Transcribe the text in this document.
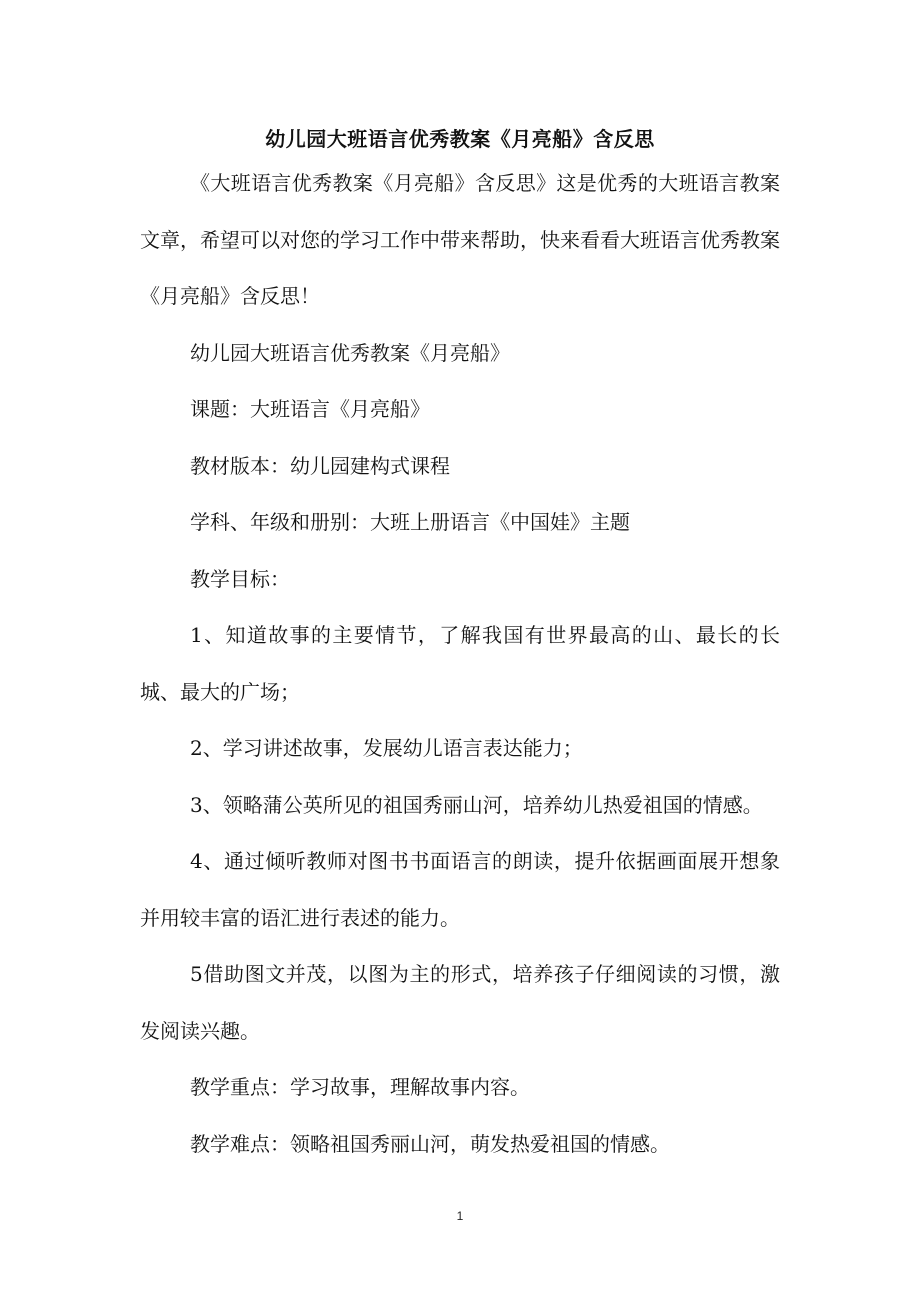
幼儿园大班语言优秀教案《月亮船》含反思

《大班语言优秀教案《月亮船》含反思》这是优秀的大班语言教案文章，希望可以对您的学习工作中带来帮助，快来看看大班语言优秀教案《月亮船》含反思！

幼儿园大班语言优秀教案《月亮船》

课题：大班语言《月亮船》

教材版本：幼儿园建构式课程

学科、年级和册别：大班上册语言《中国娃》主题

教学目标：

1、知道故事的主要情节，了解我国有世界最高的山、最长的长城、最大的广场；

2、学习讲述故事，发展幼儿语言表达能力；

3、领略蒲公英所见的祖国秀丽山河，培养幼儿热爱祖国的情感。

4、通过倾听教师对图书书面语言的朗读，提升依据画面展开想象并用较丰富的语汇进行表述的能力。

5借助图文并茂，以图为主的形式，培养孩子仔细阅读的习惯，激发阅读兴趣。

教学重点：学习故事，理解故事内容。

教学难点：领略祖国秀丽山河，萌发热爱祖国的情感。

1
